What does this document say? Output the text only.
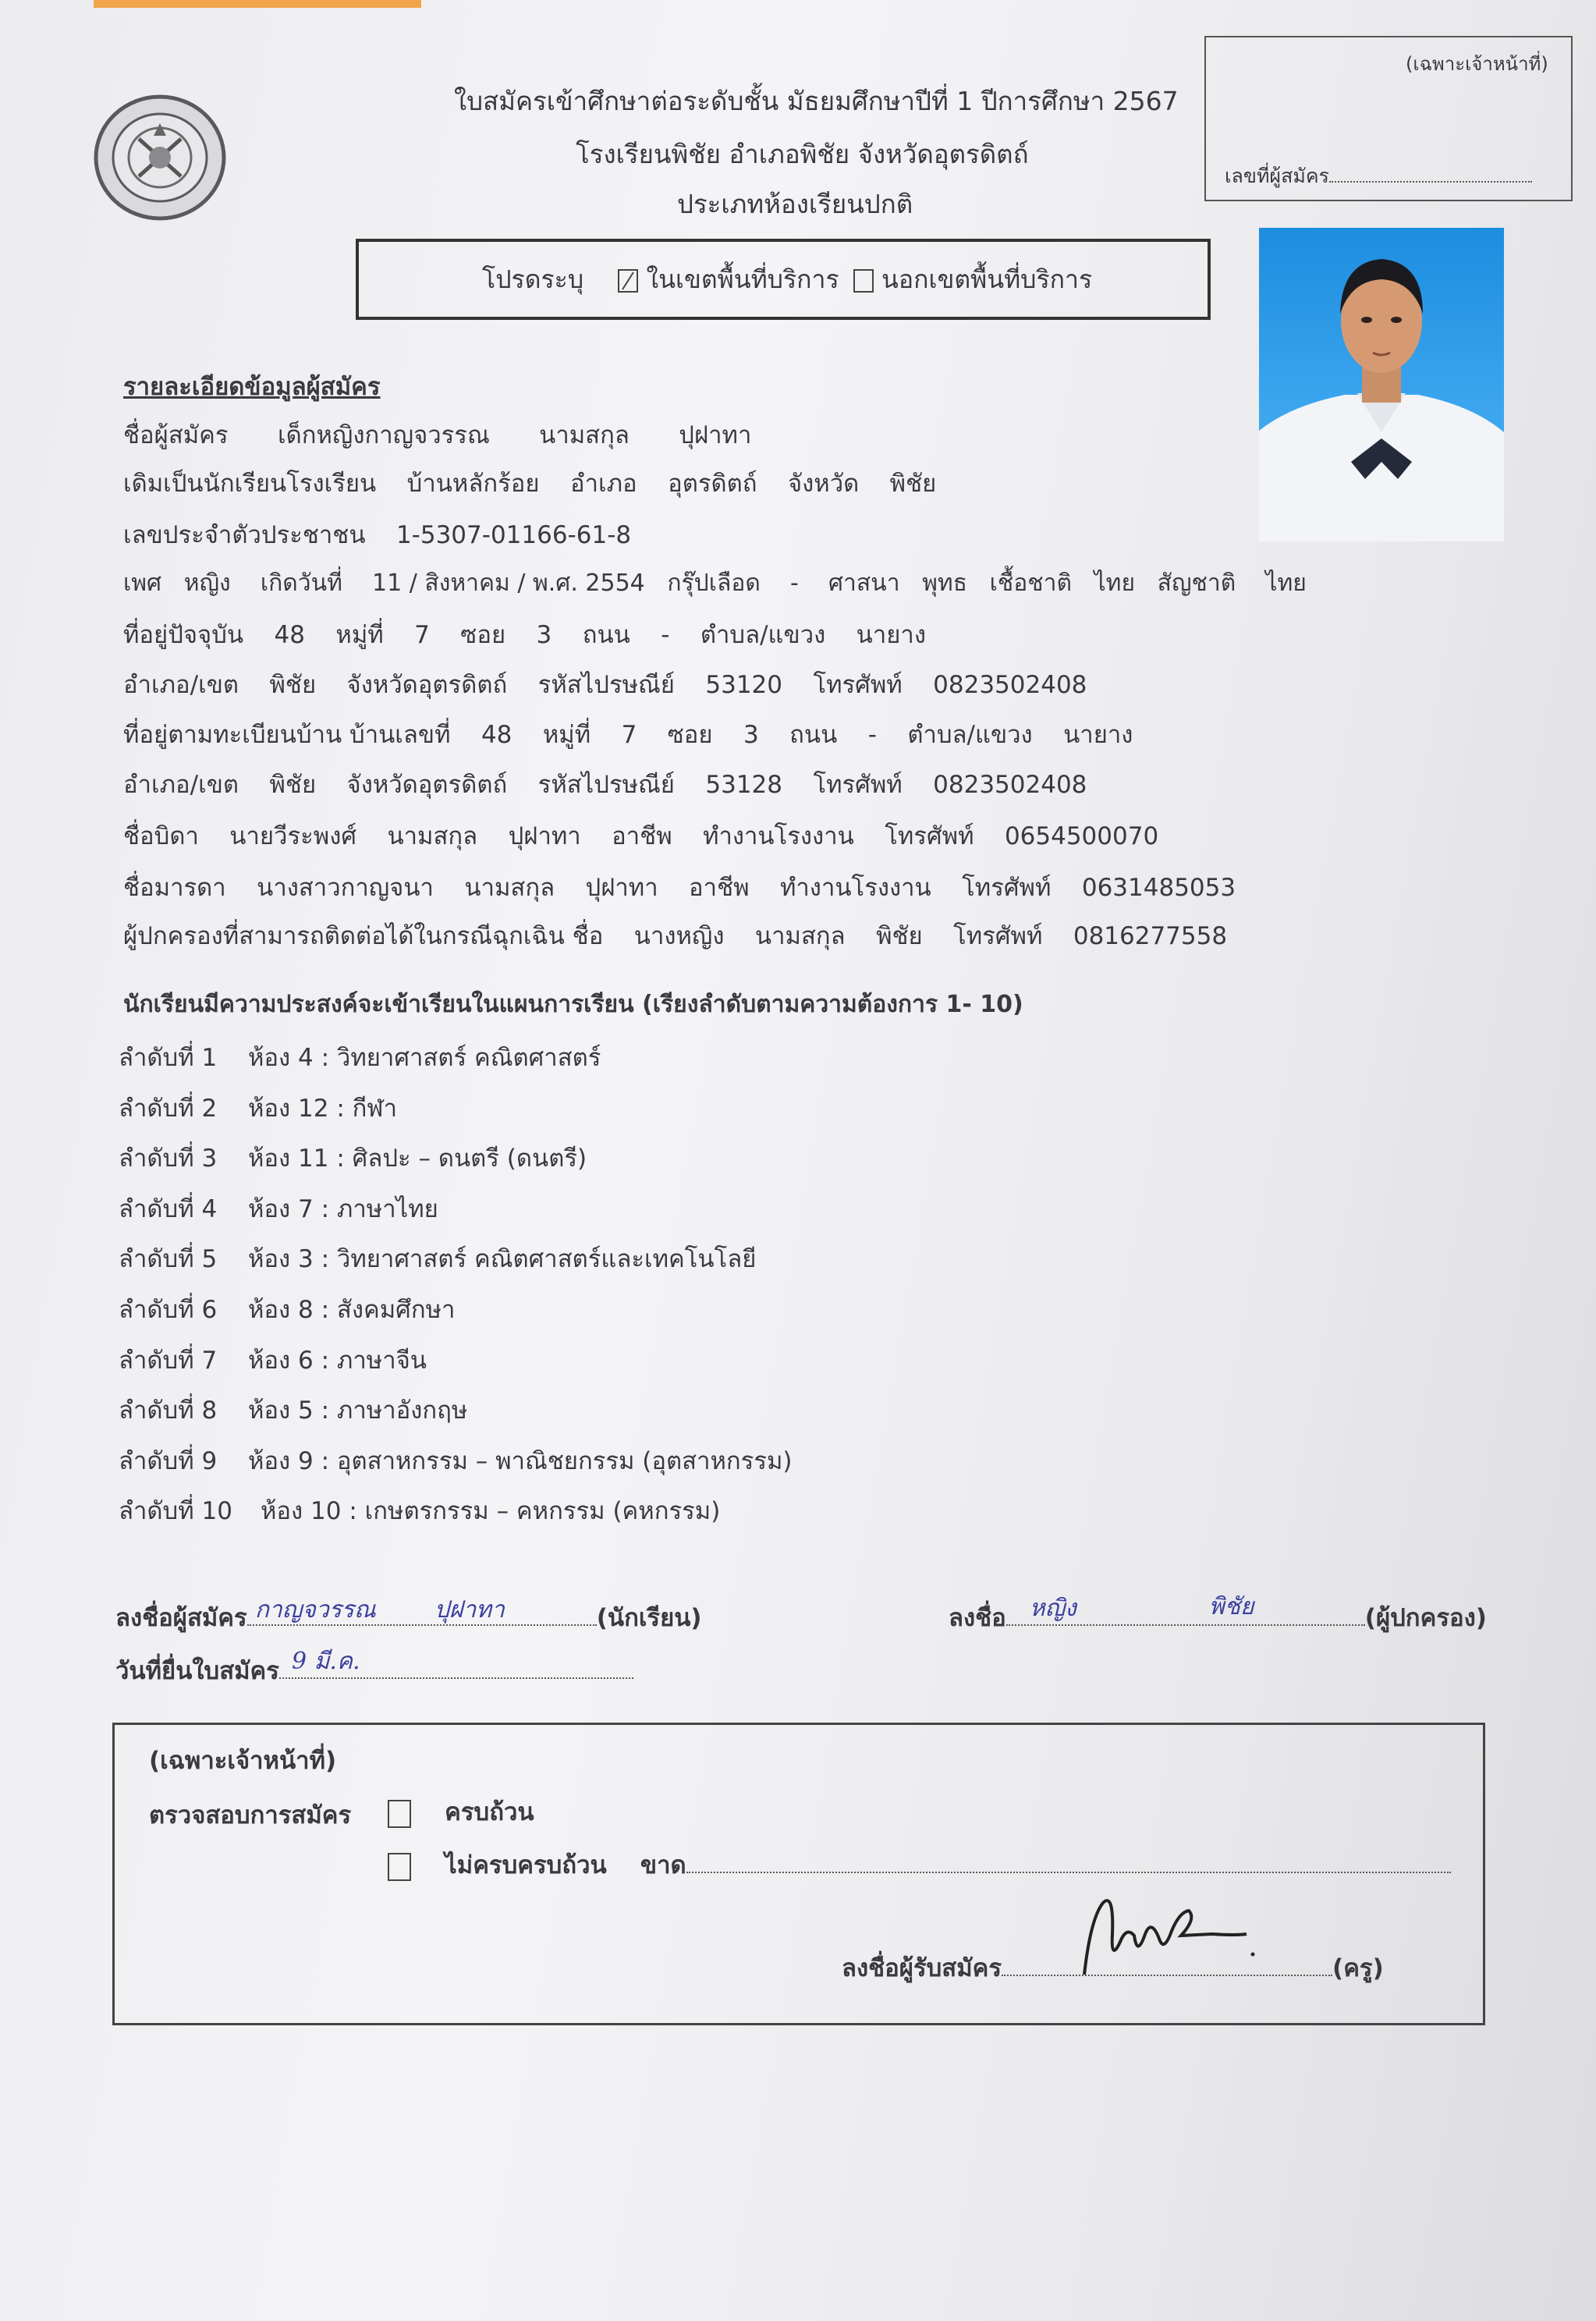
ใบสมัครเข้าศึกษาต่อระดับชั้น มัธยมศึกษาปีที่ 1 ปีการศึกษา 2567
โรงเรียนพิชัย อำเภอพิชัย จังหวัดอุตรดิตถ์
ประเภทห้องเรียนปกติ
(เฉพาะเจ้าหน้าที่)
เลขที่ผู้สมัคร
โปรดระบุ	ในเขตพื้นที่บริการ นอกเขตพื้นที่บริการ
รายละเอียดข้อมูลผู้สมัคร
ชื่อผู้สมัคร เด็กหญิงกาญจวรรณ นามสกุล ปุฝาทา
เดิมเป็นนักเรียนโรงเรียน บ้านหลักร้อย อำเภอ อุตรดิตถ์ จังหวัด พิชัย
เลขประจำตัวประชาชน 1-5307-01166-61-8
เพศ หญิง เกิดวันที่ 11 / สิงหาคม / พ.ศ. 2554 กรุ๊ปเลือด - ศาสนา พุทธ เชื้อชาติ ไทย สัญชาติ ไทย
ที่อยู่ปัจจุบัน 48 หมู่ที่ 7 ซอย 3 ถนน - ตำบล/แขวง นายาง
อำเภอ/เขต พิชัย จังหวัดอุตรดิตถ์ รหัสไปรษณีย์ 53120 โทรศัพท์ 0823502408
ที่อยู่ตามทะเบียนบ้าน บ้านเลขที่ 48 หมู่ที่ 7 ซอย 3 ถนน - ตำบล/แขวง นายาง
อำเภอ/เขต พิชัย จังหวัดอุตรดิตถ์ รหัสไปรษณีย์ 53128 โทรศัพท์ 0823502408
ชื่อบิดา นายวีระพงศ์ นามสกุล ปุฝาทา อาชีพ ทำงานโรงงาน โทรศัพท์ 0654500070
ชื่อมารดา นางสาวกาญจนา นามสกุล ปุฝาทา อาชีพ ทำงานโรงงาน โทรศัพท์ 0631485053
ผู้ปกครองที่สามารถติดต่อได้ในกรณีฉุกเฉิน ชื่อ นางหญิง นามสกุล พิชัย โทรศัพท์ 0816277558
นักเรียนมีความประสงค์จะเข้าเรียนในแผนการเรียน (เรียงลำดับตามความต้องการ 1- 10)
ลำดับที่ 1 ห้อง 4 : วิทยาศาสตร์ คณิตศาสตร์
ลำดับที่ 2 ห้อง 12 : กีฬา
ลำดับที่ 3 ห้อง 11 : ศิลปะ – ดนตรี (ดนตรี)
ลำดับที่ 4 ห้อง 7 : ภาษาไทย
ลำดับที่ 5 ห้อง 3 : วิทยาศาสตร์ คณิตศาสตร์และเทคโนโลยี
ลำดับที่ 6 ห้อง 8 : สังคมศึกษา
ลำดับที่ 7 ห้อง 6 : ภาษาจีน
ลำดับที่ 8 ห้อง 5 : ภาษาอังกฤษ
ลำดับที่ 9 ห้อง 9 : อุตสาหกรรม – พาณิชยกรรม (อุตสาหกรรม)
ลำดับที่ 10 ห้อง 10 : เกษตรกรรม – คหกรรม (คหกรรม)
ลงชื่อผู้สมัคร กาญจวรรณ ปุฝาทา	(นักเรียน)	ลงชื่อ หญิง	พิชัย	(ผู้ปกครอง)
วันที่ยื่นใบสมัคร 9 มี.ค.
(เฉพาะเจ้าหน้าที่)
ตรวจสอบการสมัคร	ครบถ้วน
ไม่ครบครบถ้วน ขาด
ลงชื่อผู้รับสมัคร	(ครู)
